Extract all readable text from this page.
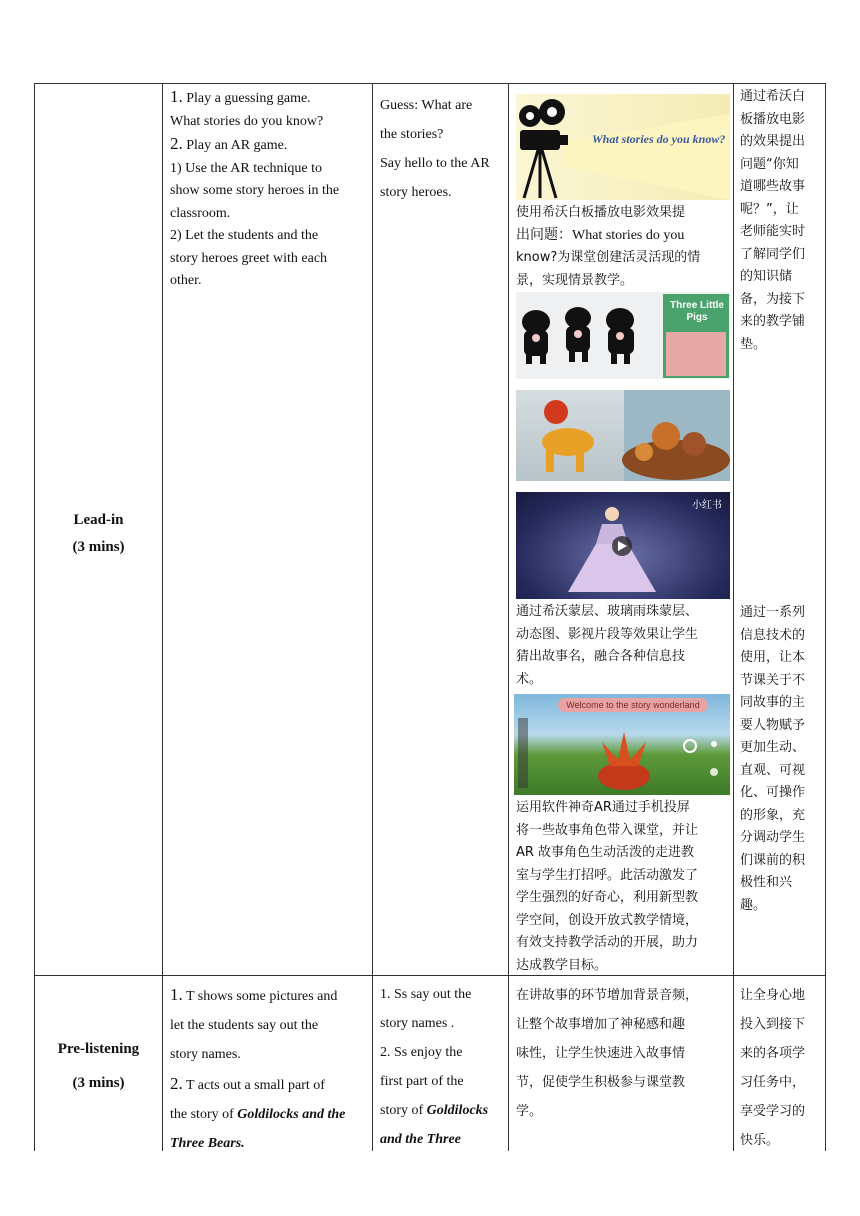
Lead-in
(3 mins)
1. Play a guessing game.
What stories do you know?
2. Play an AR game.
1) Use the AR technique to
show some story heroes in the
classroom.
2) Let the students and the
story heroes greet with each
other.
Guess: What are
the stories?
Say hello to the AR
story heroes.
What stories do you know?
使用希沃白板播放电影效果提
出问题：What stories do you
know?为课堂创建活灵活现的情
景，实现情景教学。
Three Little Pigs
小红书
通过希沃蒙层、玻璃雨珠蒙层、
动态图、影视片段等效果让学生
猜出故事名，融合各种信息技
术。
Welcome to the story wonderland
运用软件神奇AR通过手机投屏
将一些故事角色带入课堂，并让
AR 故事角色生动活泼的走进教
室与学生打招呼。此活动激发了
学生强烈的好奇心，利用新型教
学空间，创设开放式教学情境，
有效支持教学活动的开展，助力
达成教学目标。
通过希沃白
板播放电影
的效果提出
问题“你知
道哪些故事
呢？”，让
老师能实时
了解同学们
的知识储
备，为接下
来的教学铺
垫。
通过一系列
信息技术的
使用，让本
节课关于不
同故事的主
要人物赋予
更加生动、
直观、可视
化、可操作
的形象，充
分调动学生
们课前的积
极性和兴
趣。
Pre-listening
(3 mins)
1. T shows some pictures and
let the students say out the
story names.
2. T acts out a small part of
the story of Goldilocks and the
Three Bears.
1. Ss say out the
story names .
2. Ss enjoy the
first part of the
story of Goldilocks
and the Three
在讲故事的环节增加背景音频，
让整个故事增加了神秘感和趣
味性，让学生快速进入故事情
节，促使学生积极参与课堂教
学。
让全身心地
投入到接下
来的各项学
习任务中，
享受学习的
快乐。
